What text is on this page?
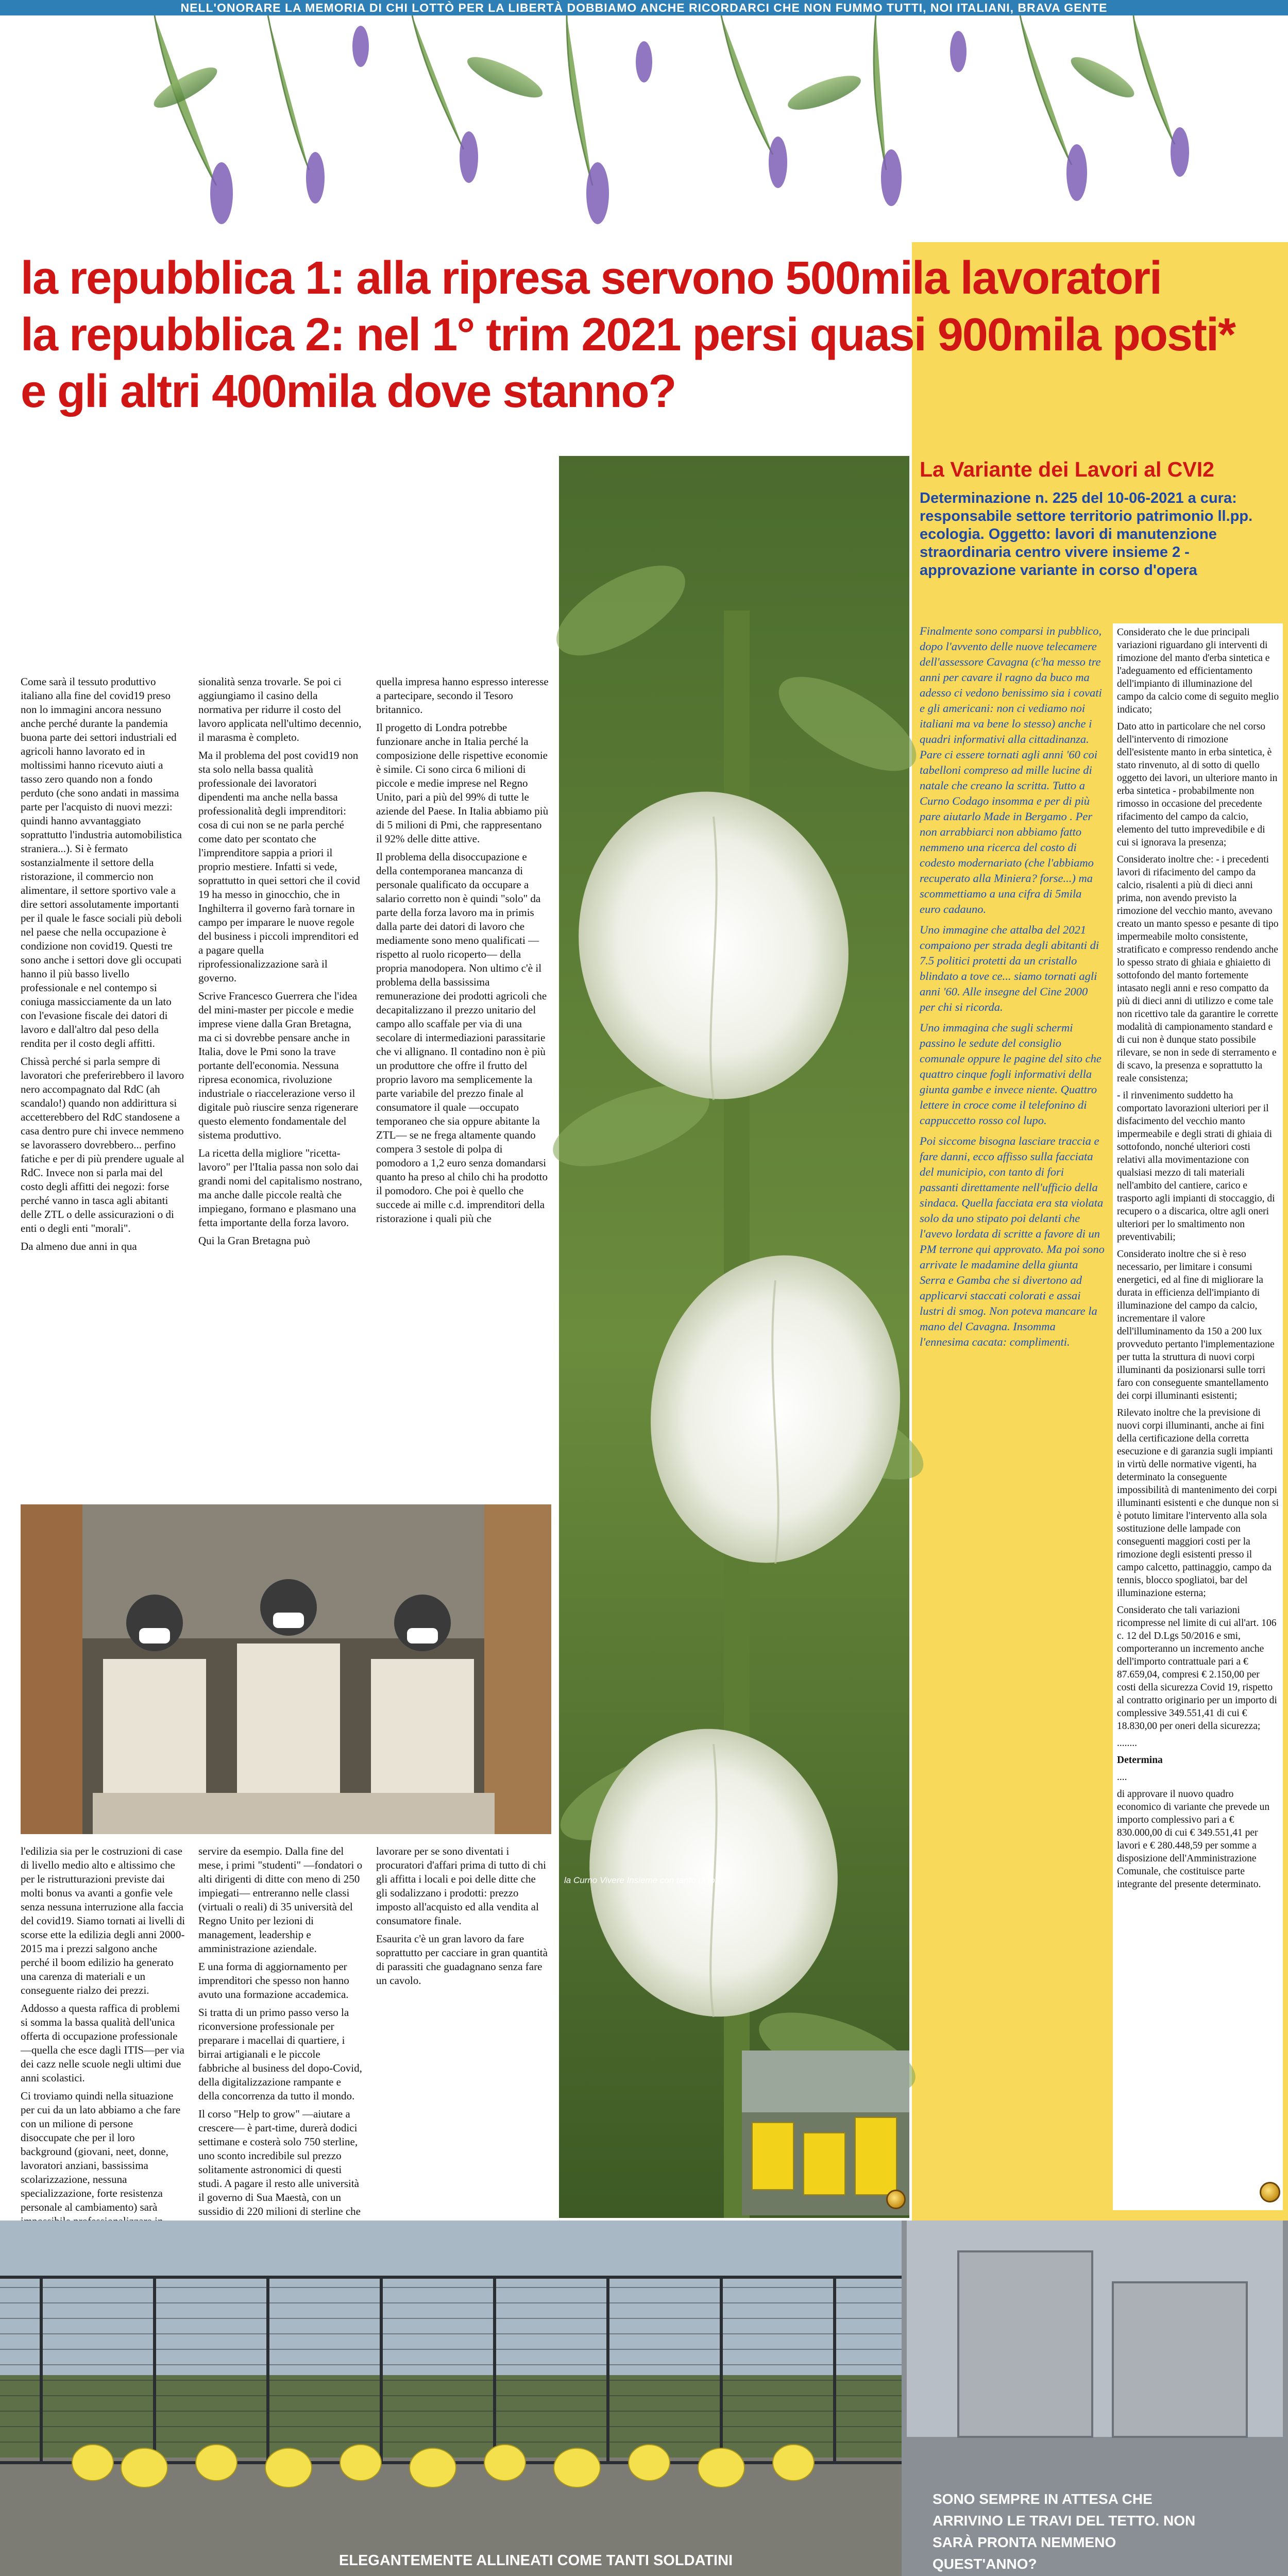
NELL'ONORARE LA MEMORIA DI CHI LOTTÒ PER LA LIBERTÀ DOBBIAMO ANCHE RICORDARCI CHE NON FUMMO TUTTI, NOI ITALIANI, BRAVA GENTE
la repubblica 1: alla ripresa servono 500mila lavoratori
la repubblica 2: nel 1° trim 2021 persi quasi 900mila posti*
e gli altri 400mila dove stanno?
La Variante dei Lavori al CVI2
Determinazione n. 225 del 10-06-2021 a cura: responsabile settore territorio patrimonio ll.pp. ecologia. Oggetto: lavori di manutenzione straordinaria centro vivere insieme 2 - approvazione variante in corso d'opera

Finalmente sono comparsi in pubblico, dopo l'avvento delle nuove telecamere dell'assessore Cavagna (c'ha messo tre anni per cavare il ragno da buco ma adesso ci vedono benissimo sia i covati e gli americani: non ci vediamo noi italiani ma va bene lo stesso) anche i quadri informativi alla cittadinanza. Pare ci essere tornati agli anni '60 coi tabelloni compreso ad mille lucine di natale che creano la scritta. Tutto a Curno Codago insomma e per di più pare aiutarlo Made in Bergamo . Per non arrabbiarci non abbiamo fatto nemmeno una ricerca del costo di codesto modernariato (che l'abbiamo recuperato alla Miniera? forse...) ma scommettiamo a una cifra di 5mila euro cadauno.

Uno immagine che attalba del 2021 compaiono per strada degli abitanti di 7.5 politici protetti da un cristallo blindato a tove ce... siamo tornati agli anni '60. Alle insegne del Cine 2000 per chi si ricorda.

Uno immagina che sugli schermi passino le sedute del consiglio comunale oppure le pagine del sito che quattro cinque fogli informativi della giunta gambe e invece niente. Quattro lettere in croce come il telefonino di cappuccetto rosso col lupo.

Poi siccome bisogna lasciare traccia e fare danni, ecco affisso sulla facciata del municipio, con tanto di fori passanti direttamente nell'ufficio della sindaca. Quella facciata era sta violata solo da uno stipato poi delanti che l'avevo lordata di scritte a favore di un PM terrone qui approvato. Ma poi sono arrivate le madamine della giunta Serra e Gamba che si divertono ad applicarvi staccati colorati e assai lustri di smog. Non poteva mancare la mano del Cavagna. Insomma l'ennesima cacata: complimenti.

Considerato che le due principali variazioni riguardano gli interventi di rimozione del manto d'erba sintetica e l'adeguamento ed efficientamento dell'impianto di illuminazione del campo da calcio come di seguito meglio indicato;

Dato atto in particolare che nel corso dell'intervento di rimozione dell'esistente manto in erba sintetica, è stato rinvenuto, al di sotto di quello oggetto dei lavori, un ulteriore manto in erba sintetica - probabilmente non rimosso in occasione del precedente rifacimento del campo da calcio, elemento del tutto imprevedibile e di cui si ignorava la presenza;

Considerato inoltre che: - i precedenti lavori di rifacimento del campo da calcio, risalenti a più di dieci anni prima, non avendo previsto la rimozione del vecchio manto, avevano creato un manto spesso e pesante di tipo impermeabile molto consistente, stratificato e compresso rendendo anche lo spesso strato di ghiaia e ghiaietto di sottofondo del manto fortemente intasato negli anni e reso compatto da più di dieci anni di utilizzo e come tale non ricettivo tale da garantire le corrette modalità di campionamento standard e di cui non è dunque stato possibile rilevare, se non in sede di sterramento e di scavo, la presenza e soprattutto la reale consistenza;

- il rinvenimento suddetto ha comportato lavorazioni ulteriori per il disfacimento del vecchio manto impermeabile e degli strati di ghiaia di sottofondo, nonché ulteriori costi relativi alla movimentazione con qualsiasi mezzo di tali materiali nell'ambito del cantiere, carico e trasporto agli impianti di stoccaggio, di recupero o a discarica, oltre agli oneri ulteriori per lo smaltimento non preventivabili;

Considerato inoltre che si è reso necessario, per limitare i consumi energetici, ed al fine di migliorare la durata in efficienza dell'impianto di illuminazione del campo da calcio, incrementare il valore dell'illuminamento da 150 a 200 lux provveduto pertanto l'implementazione per tutta la struttura di nuovi corpi illuminanti da posizionarsi sulle torri faro con conseguente smantellamento dei corpi illuminanti esistenti;

Rilevato inoltre che la previsione di nuovi corpi illuminanti, anche ai fini della certificazione della corretta esecuzione e di garanzia sugli impianti in virtù delle normative vigenti, ha determinato la conseguente impossibilità di mantenimento dei corpi illuminanti esistenti e che dunque non si è potuto limitare l'intervento alla sola sostituzione delle lampade con conseguenti maggiori costi per la rimozione degli esistenti presso il campo calcetto, pattinaggio, campo da tennis, blocco spogliatoi, bar del illuminazione esterna;

Considerato che tali variazioni ricompresse nel limite di cui all'art. 106 c. 12 del D.Lgs 50/2016 e smi, comporteranno un incremento anche dell'importo contrattuale pari a € 87.659,04, compresi € 2.150,00 per costi della sicurezza Covid 19, rispetto al contratto originario per un importo di complessive 349.551,41 di cui € 18.830,00 per oneri della sicurezza;

........

Determina

....

di approvare il nuovo quadro economico di variante che prevede un importo complessivo pari a € 830.000,00 di cui € 349.551,41 per lavori e € 280.448,59 per somme a disposizione dell'Amministrazione Comunale, che costituisce parte integrante del presente determinato.

Come sarà il tessuto produttivo italiano alla fine del covid19 preso non lo immagini ancora nessuno anche perché durante la pandemia buona parte dei settori industriali ed agricoli hanno lavorato ed in moltissimi hanno ricevuto aiuti a tasso zero quando non a fondo perduto (che sono andati in massima parte per l'acquisto di nuovi mezzi: quindi hanno avvantaggiato soprattutto l'industria automobilistica straniera...). Si è fermato sostanzialmente il settore della ristorazione, il commercio non alimentare, il settore sportivo vale a dire settori assolutamente importanti per il quale le fasce sociali più deboli nel paese che nella occupazione è condizione non covid19. Questi tre sono anche i settori dove gli occupati hanno il più basso livello professionale e nel contempo si coniuga massicciamente da un lato con l'evasione fiscale dei datori di lavoro e dall'altro dal peso della rendita per il costo degli affitti.

Chissà perché si parla sempre di lavoratori che preferirebbero il lavoro nero accompagnato dal RdC (ah scandalo!) quando non addirittura si accetterebbero del RdC standosene a casa dentro pure chi invece nemmeno se lavorassero dovrebbero... perfino fatiche e per di più prendere uguale al RdC. Invece non si parla mai del costo degli affitti dei negozi: forse perché vanno in tasca agli abitanti delle ZTL o delle assicurazioni o di enti o degli enti "morali".

Da almeno due anni in qua

sionalità senza trovarle. Se poi ci aggiungiamo il casino della normativa per ridurre il costo del lavoro applicata nell'ultimo decennio, il marasma è completo.

Ma il problema del post covid19 non sta solo nella bassa qualità professionale dei lavoratori dipendenti ma anche nella bassa professionalità degli imprenditori: cosa di cui non se ne parla perché come dato per scontato che l'imprenditore sappia a priori il proprio mestiere. Infatti si vede, soprattutto in quei settori che il covid 19 ha messo in ginocchio, che in Inghilterra il governo farà tornare in campo per imparare le nuove regole del business i piccoli imprenditori ed a pagare quella riprofessionalizzazione sarà il governo.

Scrive Francesco Guerrera che l'idea del mini-master per piccole e medie imprese viene dalla Gran Bretagna, ma ci si dovrebbe pensare anche in Italia, dove le Pmi sono la trave portante dell'economia. Nessuna ripresa economica, rivoluzione industriale o riaccelerazione verso il digitale può riuscire senza rigenerare questo elemento fondamentale del sistema produttivo.

La ricetta della migliore "ricetta-lavoro" per l'Italia passa non solo dai grandi nomi del capitalismo nostrano, ma anche dalle piccole realtà che impiegano, formano e plasmano una fetta importante della forza lavoro.

Qui la Gran Bretagna può

quella impresa hanno espresso interesse a partecipare, secondo il Tesoro britannico.

Il progetto di Londra potrebbe funzionare anche in Italia perché la composizione delle rispettive economie è simile. Ci sono circa 6 milioni di piccole e medie imprese nel Regno Unito, pari a più del 99% di tutte le aziende del Paese. In Italia abbiamo più di 5 milioni di Pmi, che rappresentano il 92% delle ditte attive.

Il problema della disoccupazione e della contemporanea mancanza di personale qualificato da occupare a salario corretto non è quindi "solo" da parte della forza lavoro ma in primis dalla parte dei datori di lavoro che mediamente sono meno qualificati —rispetto al ruolo ricoperto— della propria manodopera. Non ultimo c'è il problema della bassissima remunerazione dei prodotti agricoli che decapitalizzano il prezzo unitario del campo allo scaffale per via di una secolare di intermediazioni parassitarie che vi allignano. Il contadino non è più un produttore che offre il frutto del proprio lavoro ma semplicemente la parte variabile del prezzo finale al consumatore il quale —occupato temporaneo che sia oppure abitante la ZTL— se ne frega altamente quando compera 3 sestole di polpa di pomodoro a 1,2 euro senza domandarsi quanto ha preso al chilo chi ha prodotto il pomodoro. Che poi è quello che succede ai mille c.d. imprenditori della ristorazione i quali più che

l'edilizia sia per le costruzioni di case di livello medio alto e altissimo che per le ristrutturazioni previste dai molti bonus va avanti a gonfie vele senza nessuna interruzione alla faccia del covid19. Siamo tornati ai livelli di scorse ette la edilizia degli anni 2000-2015 ma i prezzi salgono anche perché il boom edilizio ha generato una carenza di materiali e un conseguente rialzo dei prezzi.

Addosso a questa raffica di problemi si somma la bassa qualità dell'unica offerta di occupazione professionale —quella che esce dagli ITIS—per via dei cazz nelle scuole negli ultimi due anni scolastici.

Ci troviamo quindi nella situazione per cui da un lato abbiamo a che fare con un milione di persone disoccupate che per il loro background (giovani, neet, donne, lavoratori anziani, bassissima scolarizzazione, nessuna specializzazione, forte resistenza personale al cambiamento) sarà

servire da esempio. Dalla fine del mese, i primi "studenti" —fondatori o alti dirigenti di ditte con meno di 250 impiegati— entreranno nelle classi (virtuali o reali) di 35 università del Regno Unito per lezioni di management, leadership e amministrazione aziendale.

E una forma di aggiornamento per imprenditori che spesso non hanno avuto una formazione accademica.

Si tratta di un primo passo verso la riconversione professionale per preparare i macellai di quartiere, i birrai artigianali e le piccole fabbriche al business del dopo-Covid, della digitalizzazione rampante e della concorrenza da tutto il mondo.

Il corso "Help to grow" —aiutare a crescere— è part-time, durerà dodici settimane e costerà solo 750 sterline, uno sconto incredibile sul prezzo solitamente astronomici di questi studi. A pagare il resto alle università il governo di Sua Maestà, con un sussidio di 220 milioni di sterline che

lavorare per se sono diventati i procuratori d'affari prima di tutto di chi gli affitta i locali e poi delle ditte che gli sodalizzano i prodotti: prezzo imposto all'acquisto ed alla vendita al consumatore finale.

Esaurita c'è un gran lavoro da fare soprattutto per cacciare in gran quantità di parassiti che guadagnano senza fare un cavolo.

la Curno Vivere Insieme con tanto di fori
ELEGANTEMENTE ALLINEATI COME TANTI SOLDATINI
SONO SEMPRE IN ATTESA CHE ARRIVINO LE TRAVI DEL TETTO. NON SARÀ PRONTA NEMMENO QUEST'ANNO?
